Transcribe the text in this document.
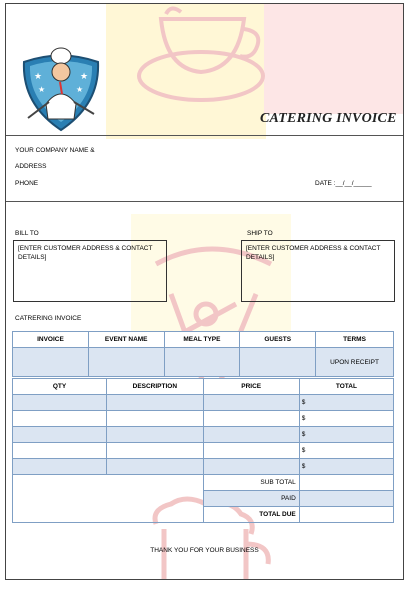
★	★
★	★
CATERING INVOICE
YOUR COMPANY NAME &
ADDRESS
PHONE	DATE :__/__/_____
BILL TO
[ENTER CUSTOMER ADDRESS & CONTACT DETAILS]
SHIP TO
[ENTER CUSTOMER ADDRESS & CONTACT DETAILS]
CATRERING INVOICE
INVOICE	EVENT NAME	MEAL TYPE	GUESTS	TERMS
				UPON RECEIPT
QTY	DESCRIPTION	PRICE	TOTAL
			$
			$
			$
			$
			$
		SUB TOTAL	
		PAID	
		TOTAL DUE	
THANK YOU FOR YOUR BUSINESS
